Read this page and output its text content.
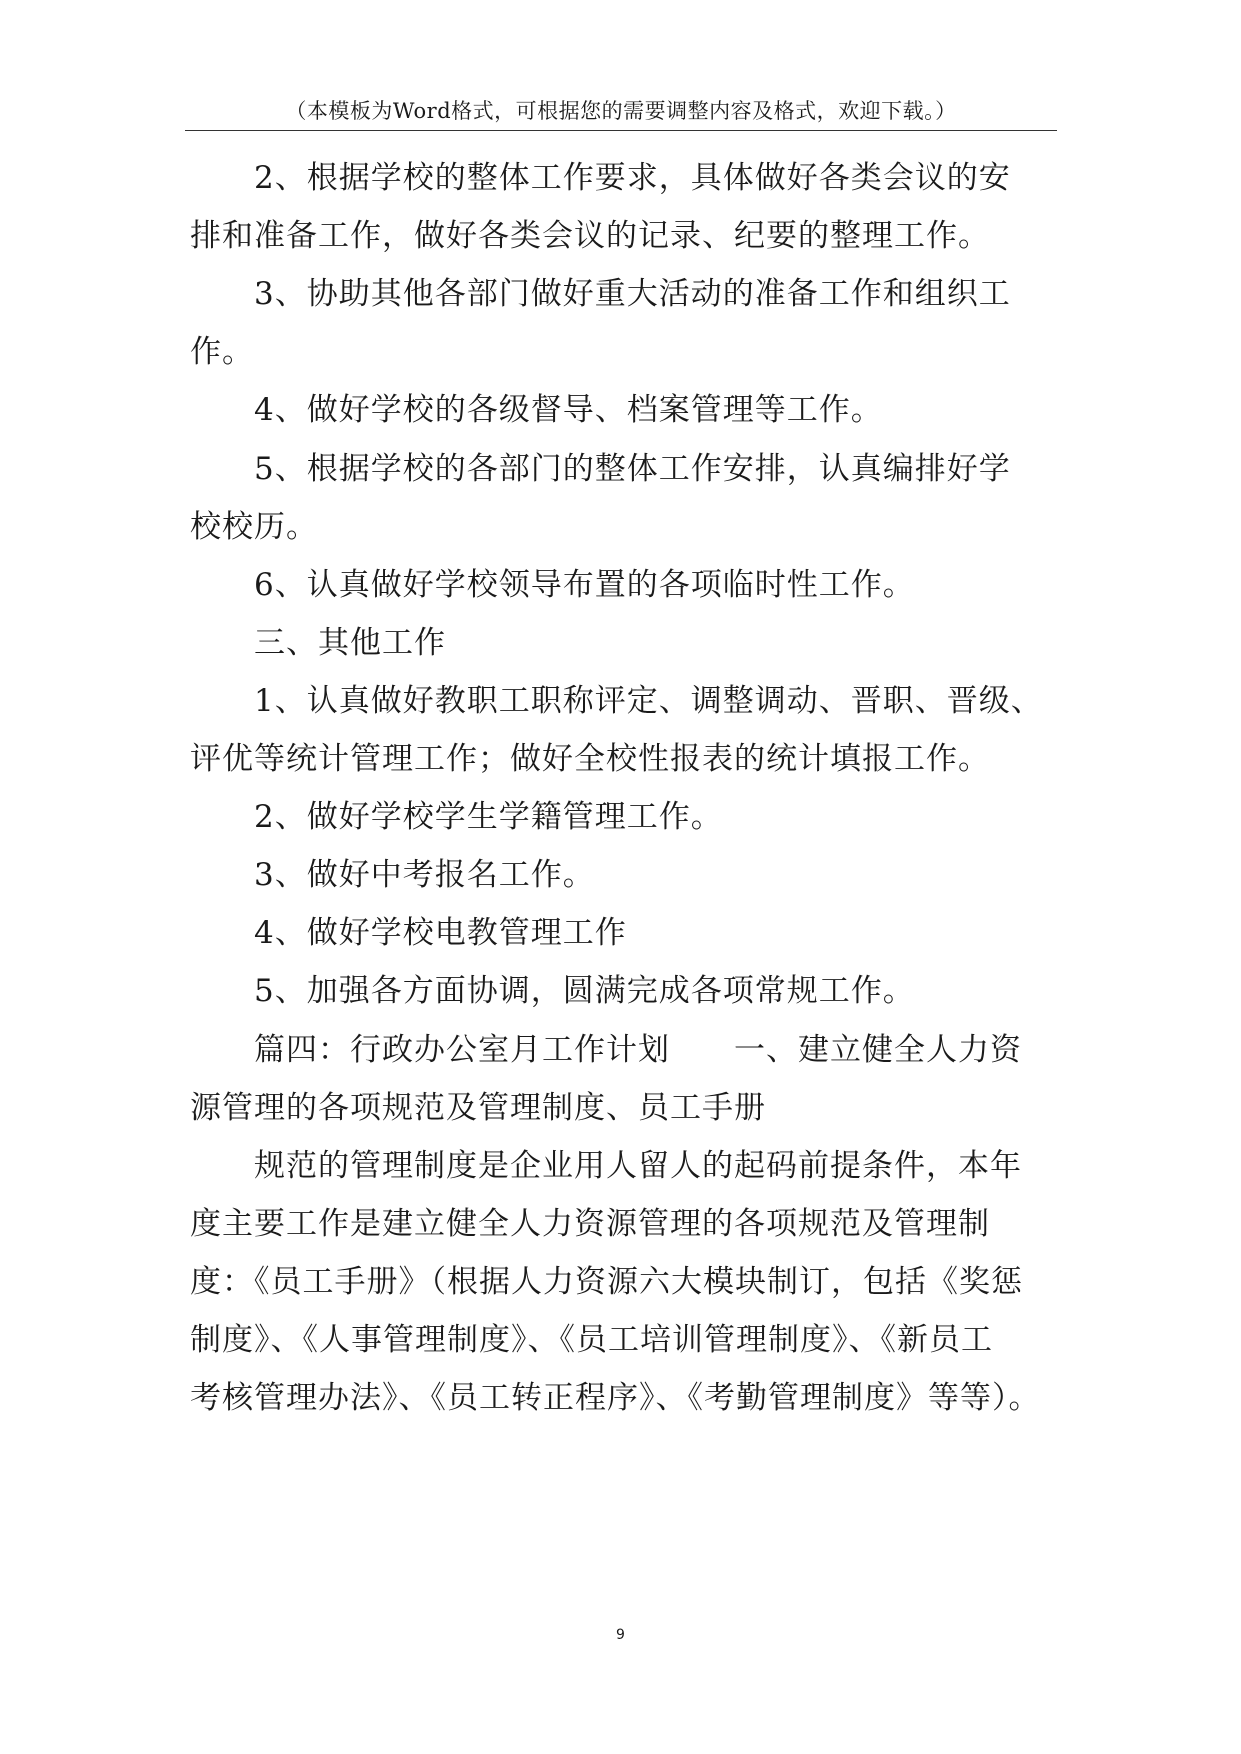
（本模板为Word格式，可根据您的需要调整内容及格式，欢迎下载。）
2、根据学校的整体工作要求，具体做好各类会议的安
排和准备工作，做好各类会议的记录、纪要的整理工作。
3、协助其他各部门做好重大活动的准备工作和组织工
作。
4、做好学校的各级督导、档案管理等工作。
5、根据学校的各部门的整体工作安排，认真编排好学
校校历。
6、认真做好学校领导布置的各项临时性工作。
三、其他工作
1、认真做好教职工职称评定、调整调动、晋职、晋级、
评优等统计管理工作；做好全校性报表的统计填报工作。
2、做好学校学生学籍管理工作。
3、做好中考报名工作。
4、做好学校电教管理工作
5、加强各方面协调，圆满完成各项常规工作。
篇四：行政办公室月工作计划　　一、建立健全人力资
源管理的各项规范及管理制度、员工手册
规范的管理制度是企业用人留人的起码前提条件，本年
度主要工作是建立健全人力资源管理的各项规范及管理制
度：《员工手册》（根据人力资源六大模块制订，包括《奖惩
制度》、《人事管理制度》、《员工培训管理制度》、《新员工
考核管理办法》、《员工转正程序》、《考勤管理制度》等等）。
9
